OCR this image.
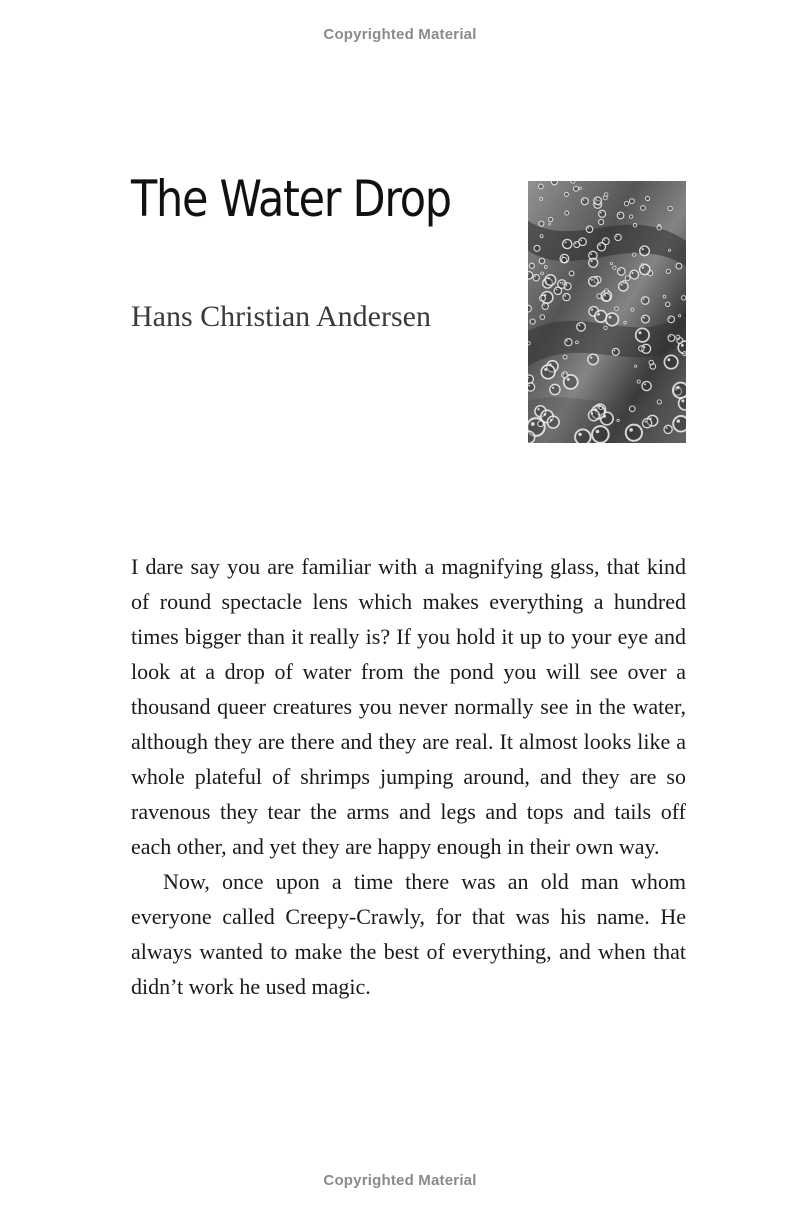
Copyrighted Material
The Water Drop
Hans Christian Andersen

I dare say you are familiar with a magnifying glass, that kind of round spectacle lens which makes everything a hundred times bigger than it really is? If you hold it up to your eye and look at a drop of water from the pond you will see over a thousand queer creatures you never normally see in the water, although they are there and they are real. It almost looks like a whole plateful of shrimps jumping around, and they are so ravenous they tear the arms and legs and tops and tails off each other, and yet they are happy enough in their own way.

Now, once upon a time there was an old man whom everyone called Creepy-Crawly, for that was his name. He always wanted to make the best of everything, and when that didn’t work he used magic.

Copyrighted Material
